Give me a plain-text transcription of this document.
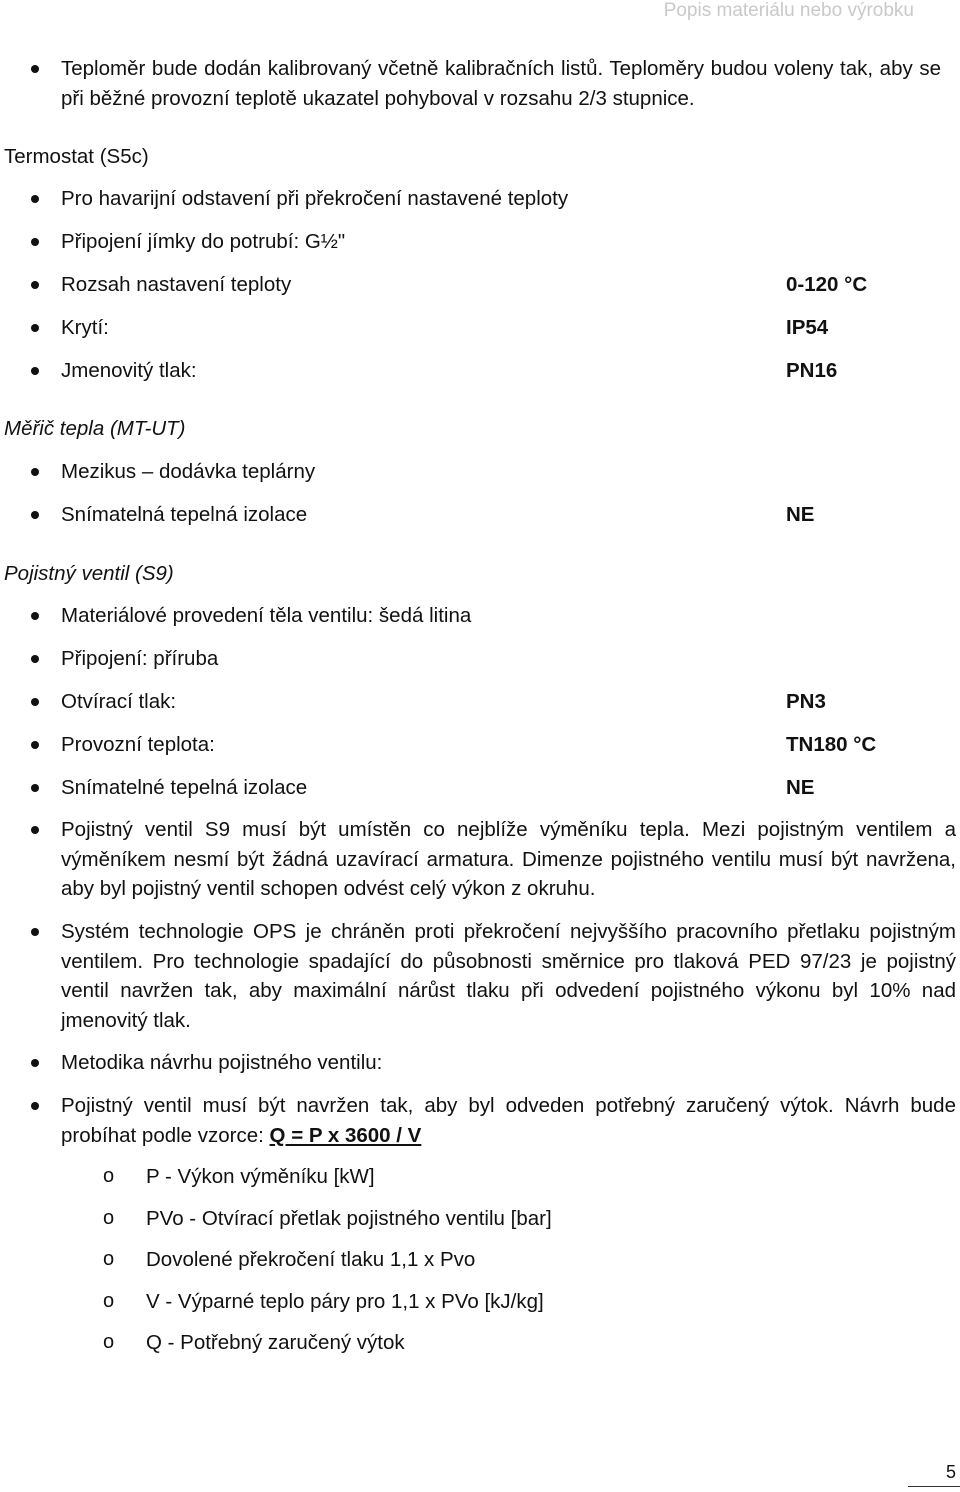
Popis materiálu nebo výrobku
Teploměr bude dodán kalibrovaný včetně kalibračních listů. Teploměry budou voleny tak, aby se při běžné provozní teplotě ukazatel pohyboval v rozsahu 2/3 stupnice.
Termostat (S5c)
Pro havarijní odstavení při překročení nastavené teploty
Připojení jímky do potrubí: G½"
Rozsah nastavení teploty	0-120 °C
Krytí:	IP54
Jmenovitý tlak:	PN16
Měřič tepla (MT-UT)
Mezikus – dodávka teplárny
Snímatelná tepelná izolace	NE
Pojistný ventil (S9)
Materiálové provedení těla ventilu: šedá litina
Připojení: příruba
Otvírací tlak:	PN3
Provozní teplota:	TN180 °C
Snímatelné tepelná izolace	NE
Pojistný ventil S9 musí být umístěn co nejblíže výměníku tepla. Mezi pojistným ventilem a výměníkem nesmí být žádná uzavírací armatura. Dimenze pojistného ventilu musí být navržena, aby byl pojistný ventil schopen odvést celý výkon z okruhu.
Systém technologie OPS je chráněn proti překročení nejvyššího pracovního přetlaku pojistným ventilem. Pro technologie spadající do působnosti směrnice pro tlaková PED 97/23 je pojistný ventil navržen tak, aby maximální nárůst tlaku při odvedení pojistného výkonu byl 10% nad jmenovitý tlak.
Metodika návrhu pojistného ventilu:
Pojistný ventil musí být navržen tak, aby byl odveden potřebný zaručený výtok. Návrh bude probíhat podle vzorce: Q = P x 3600 / V
o P - Výkon výměníku [kW]
o PVo - Otvírací přetlak pojistného ventilu [bar]
o Dovolené překročení tlaku 1,1 x Pvo
o V - Výparné teplo páry pro 1,1 x PVo [kJ/kg]
o Q - Potřebný zaručený výtok
5
